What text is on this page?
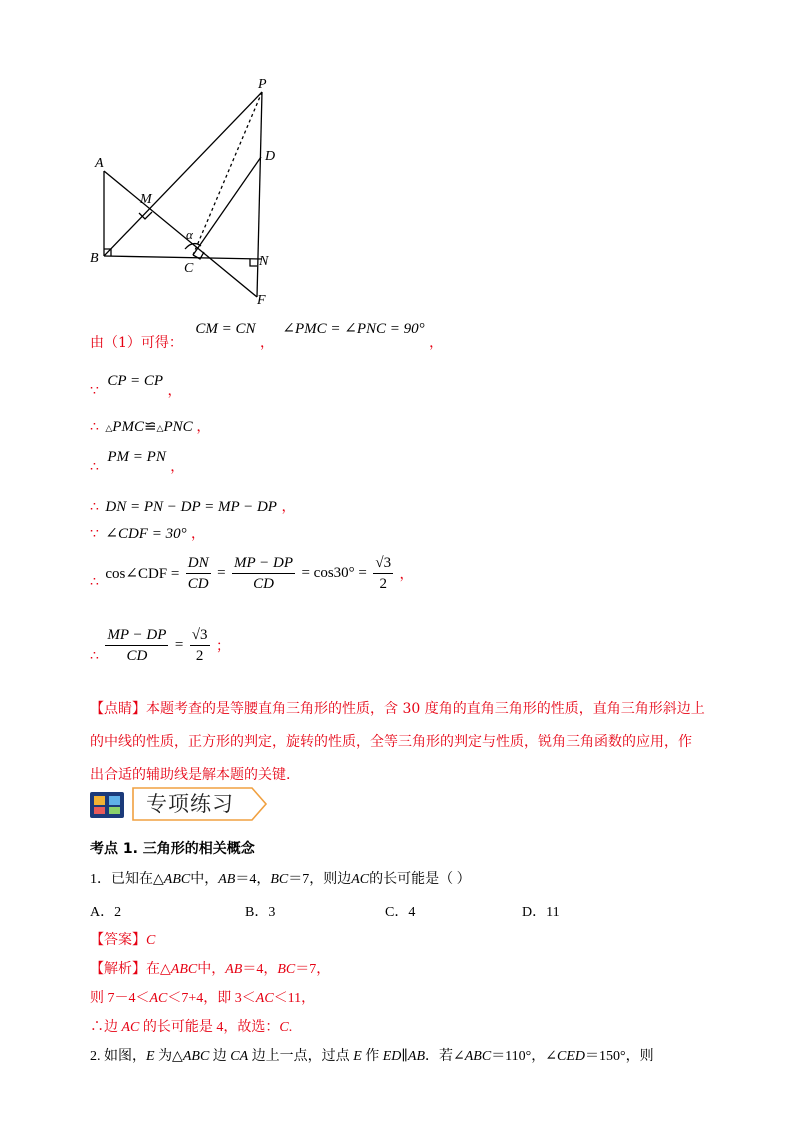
P
A	D
M
α
B
C	N
F
由（1）可得： CM = CN ， ∠PMC = ∠PNC = 90° ，
∵ CP = CP ，
∴ △PMC≌△PNC ，
∴ PM = PN ，
∴ DN = PN − DP = MP − DP ，
∵ ∠CDF = 30° ，
∴ cos∠CDF = $\frac{DN}{CD} = \frac{MP - DP}{CD} = \cos 30^\circ = \frac{√3}{2}$ ，
∴ $\frac{MP - DP}{CD} = \frac{√3}{2}$ ；
【点睛】本题考查的是等腰直角三角形的性质，含 30 度角的直角三角形的性质，直角三角形斜边上
的中线的性质，正方形的判定，旋转的性质，全等三角形的判定与性质，锐角三角函数的应用，作
出合适的辅助线是解本题的关键.
专项练习
考点 1. 三角形的相关概念
1．已知在△ABC中，AB＝4，BC＝7，则边AC的长可能是（ ）
A．2	B．3	C．4	D．11
【答案】C
【解析】在△ABC中，AB＝4，BC＝7，
则 7－4＜AC＜7+4，即 3＜AC＜11，
∴边 AC 的长可能是 4，故选：C.
2. 如图，E 为△ABC 边 CA 边上一点，过点 E 作 ED∥AB．若∠ABC＝110°，∠CED＝150°，则
